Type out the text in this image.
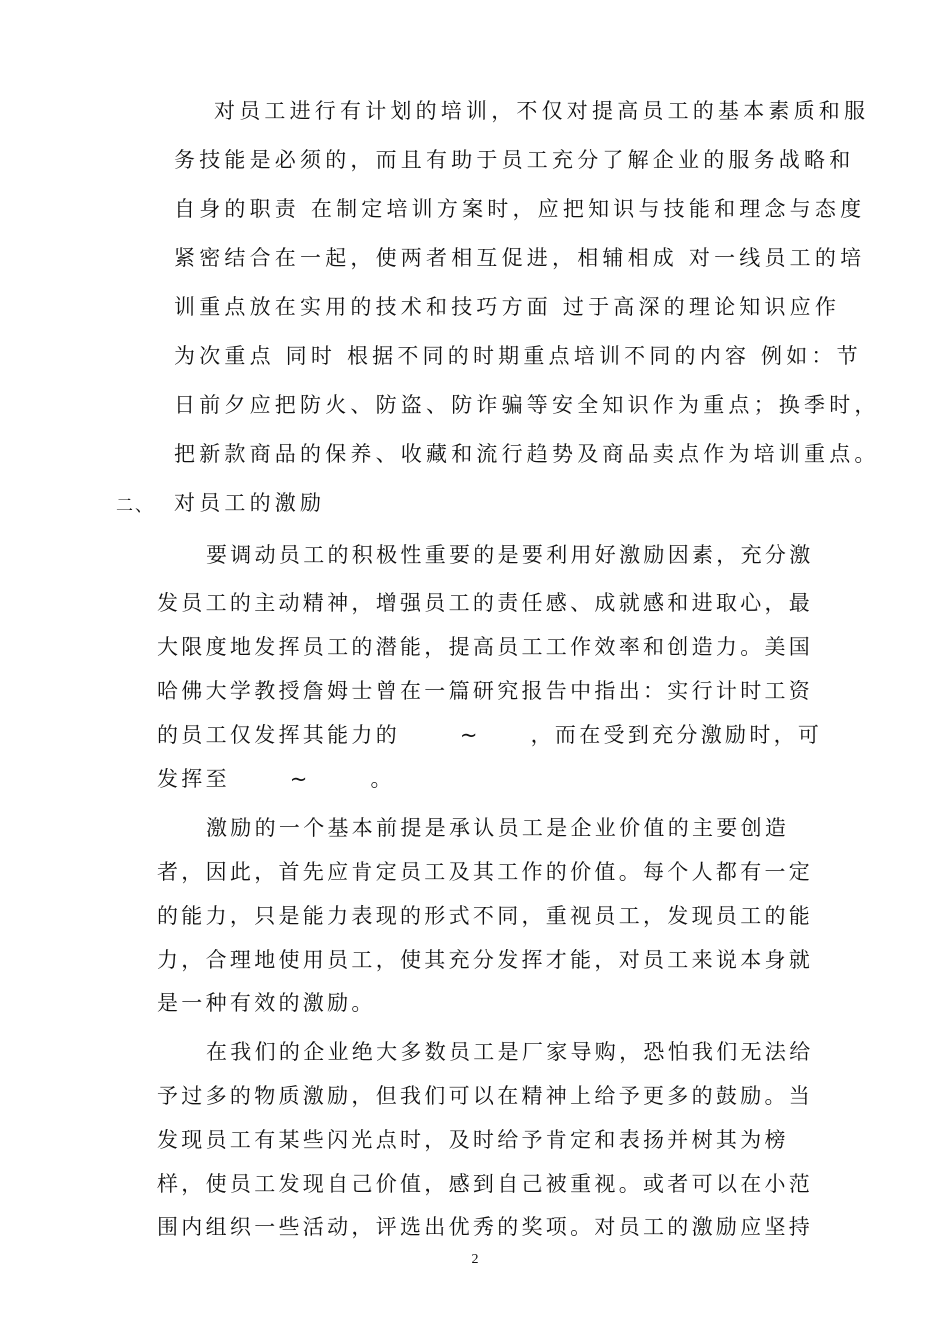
对员工进行有计划的培训，不仅对提高员工的基本素质和服
务技能是必须的，而且有助于员工充分了解企业的服务战略和
自身的职责 在制定培训方案时，应把知识与技能和理念与态度
紧密结合在一起，使两者相互促进，相辅相成 对一线员工的培
训重点放在实用的技术和技巧方面 过于高深的理论知识应作
为次重点 同时 根据不同的时期重点培训不同的内容 例如：节
日前夕应把防火、防盗、防诈骗等安全知识作为重点；换季时，
把新款商品的保养、收藏和流行趋势及商品卖点作为培训重点。
二、 对员工的激励
要调动员工的积极性重要的是要利用好激励因素，充分激
发员工的主动精神，增强员工的责任感、成就感和进取心，最
大限度地发挥员工的潜能，提高员工工作效率和创造力。美国
哈佛大学教授詹姆士曾在一篇研究报告中指出：实行计时工资
的员工仅发挥其能力的      ~     ，而在受到充分激励时，可
发挥至      ~      。
激励的一个基本前提是承认员工是企业价值的主要创造
者，因此，首先应肯定员工及其工作的价值。每个人都有一定
的能力，只是能力表现的形式不同，重视员工，发现员工的能
力，合理地使用员工，使其充分发挥才能，对员工来说本身就
是一种有效的激励。
在我们的企业绝大多数员工是厂家导购，恐怕我们无法给
予过多的物质激励，但我们可以在精神上给予更多的鼓励。当
发现员工有某些闪光点时，及时给予肯定和表扬并树其为榜
样，使员工发现自己价值，感到自己被重视。或者可以在小范
围内组织一些活动，评选出优秀的奖项。对员工的激励应坚持
2
